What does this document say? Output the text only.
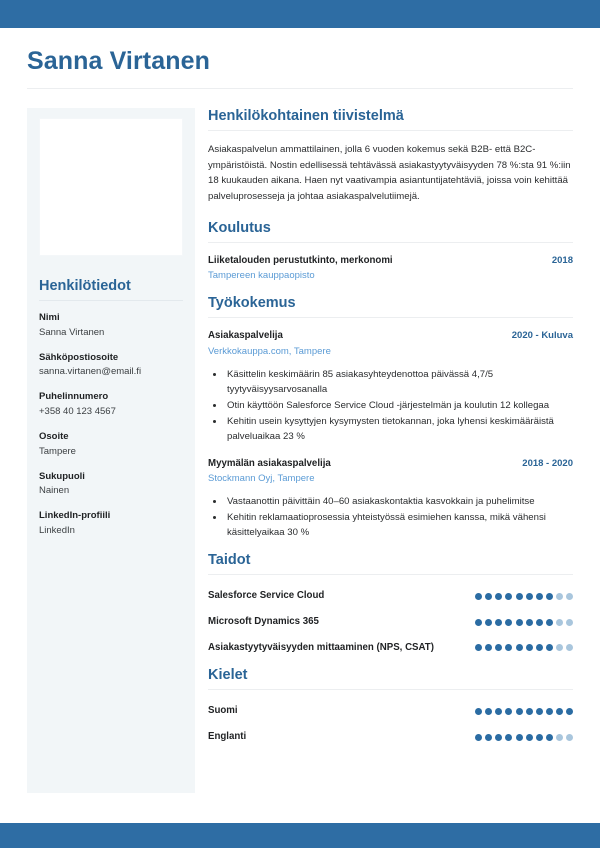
Sanna Virtanen
Henkilötiedot
Nimi
Sanna Virtanen
Sähköpostiosoite
sanna.virtanen@email.fi
Puhelinnumero
+358 40 123 4567
Osoite
Tampere
Sukupuoli
Nainen
LinkedIn-profiili
LinkedIn
Henkilökohtainen tiivistelmä

Asiakaspalvelun ammattilainen, jolla 6 vuoden kokemus sekä B2B- että B2C-ympäristöistä. Nostin edellisessä tehtävässä asiakastyytyväisyyden 78 %:sta 91 %:iin 18 kuukauden aikana. Haen nyt vaativampia asiantuntijatehtäviä, joissa voin kehittää palveluprosesseja ja johtaa asiakaspalvelutiimejä.

Koulutus
Liiketalouden perustutkinto, merkonomi	2018
Tampereen kauppaopisto
Työkokemus
Asiakaspalvelija	2020 - Kuluva
Verkkokauppa.com, Tampere
• Käsittelin keskimäärin 85 asiakasyhteydenottoa päivässä 4,7/5 tyytyväisyysarvosanalla
• Otin käyttöön Salesforce Service Cloud -järjestelmän ja koulutin 12 kollegaa
• Kehitin usein kysyttyjen kysymysten tietokannan, joka lyhensi keskimääräistä palveluaikaa 23 %
Myymälän asiakaspalvelija	2018 - 2020
Stockmann Oyj, Tampere
• Vastaanottin päivittäin 40–60 asiakaskontaktia kasvokkain ja puhelimitse
• Kehitin reklamaatioprosessia yhteistyössä esimiehen kanssa, mikä vähensi käsittelyaikaa 30 %
Taidot
Salesforce Service Cloud
Microsoft Dynamics 365
Asiakastyytyväisyyden mittaaminen (NPS, CSAT)
Kielet
Suomi
Englanti
